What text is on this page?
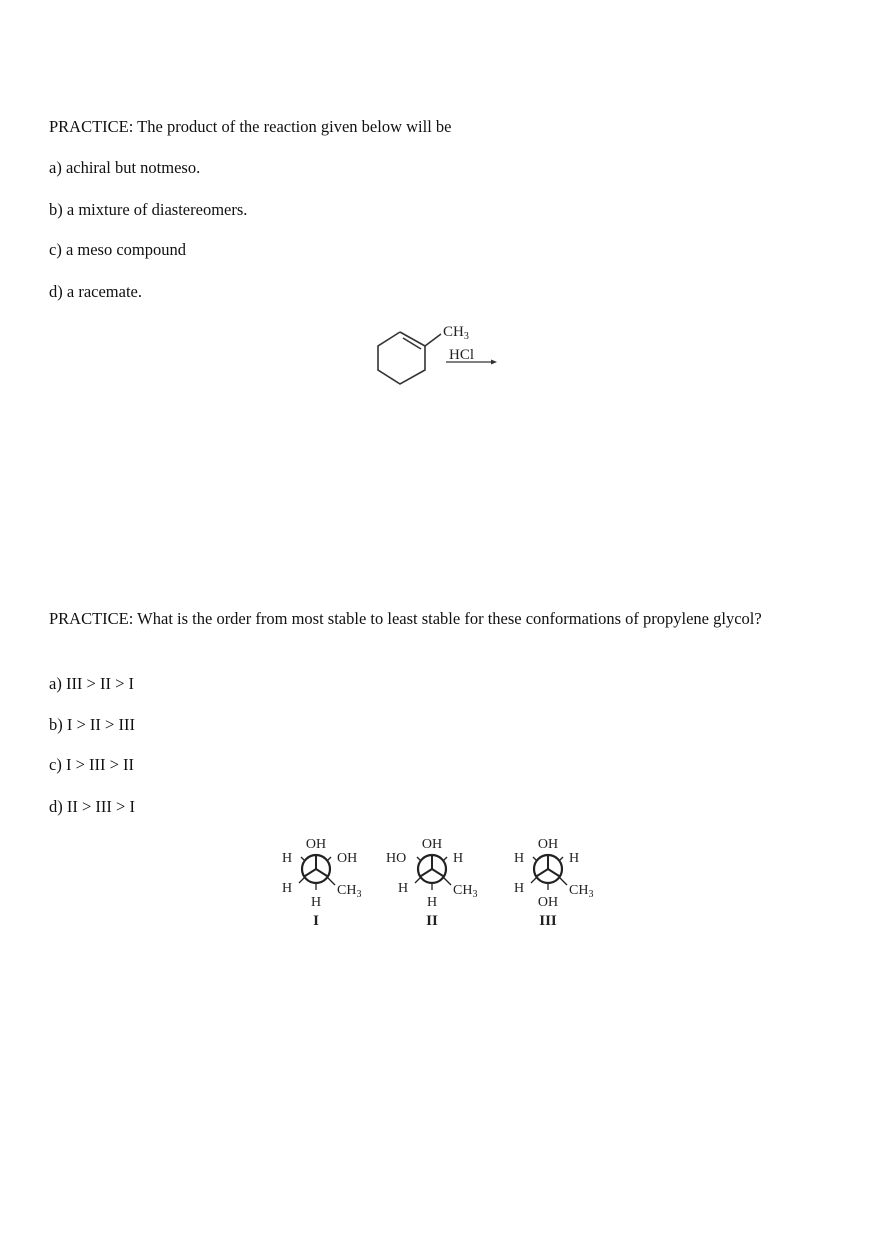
PRACTICE: The product of the reaction given below will be
a) achiral but notmeso.
b) a mixture of diastereomers.
c) a meso compound
d) a racemate.
$CH_3$
HCl
PRACTICE: What is the order from most stable to least stable for these conformations of propylene glycol?
a) III > II > I
b) I > II > III
c) I > III > II
d) II > III > I
OH
H	OH
H	$CH_3$
H
I
OH
HO	H
H	$CH_3$
H
II
OH
H	H
H	$CH_3$
OH
III
